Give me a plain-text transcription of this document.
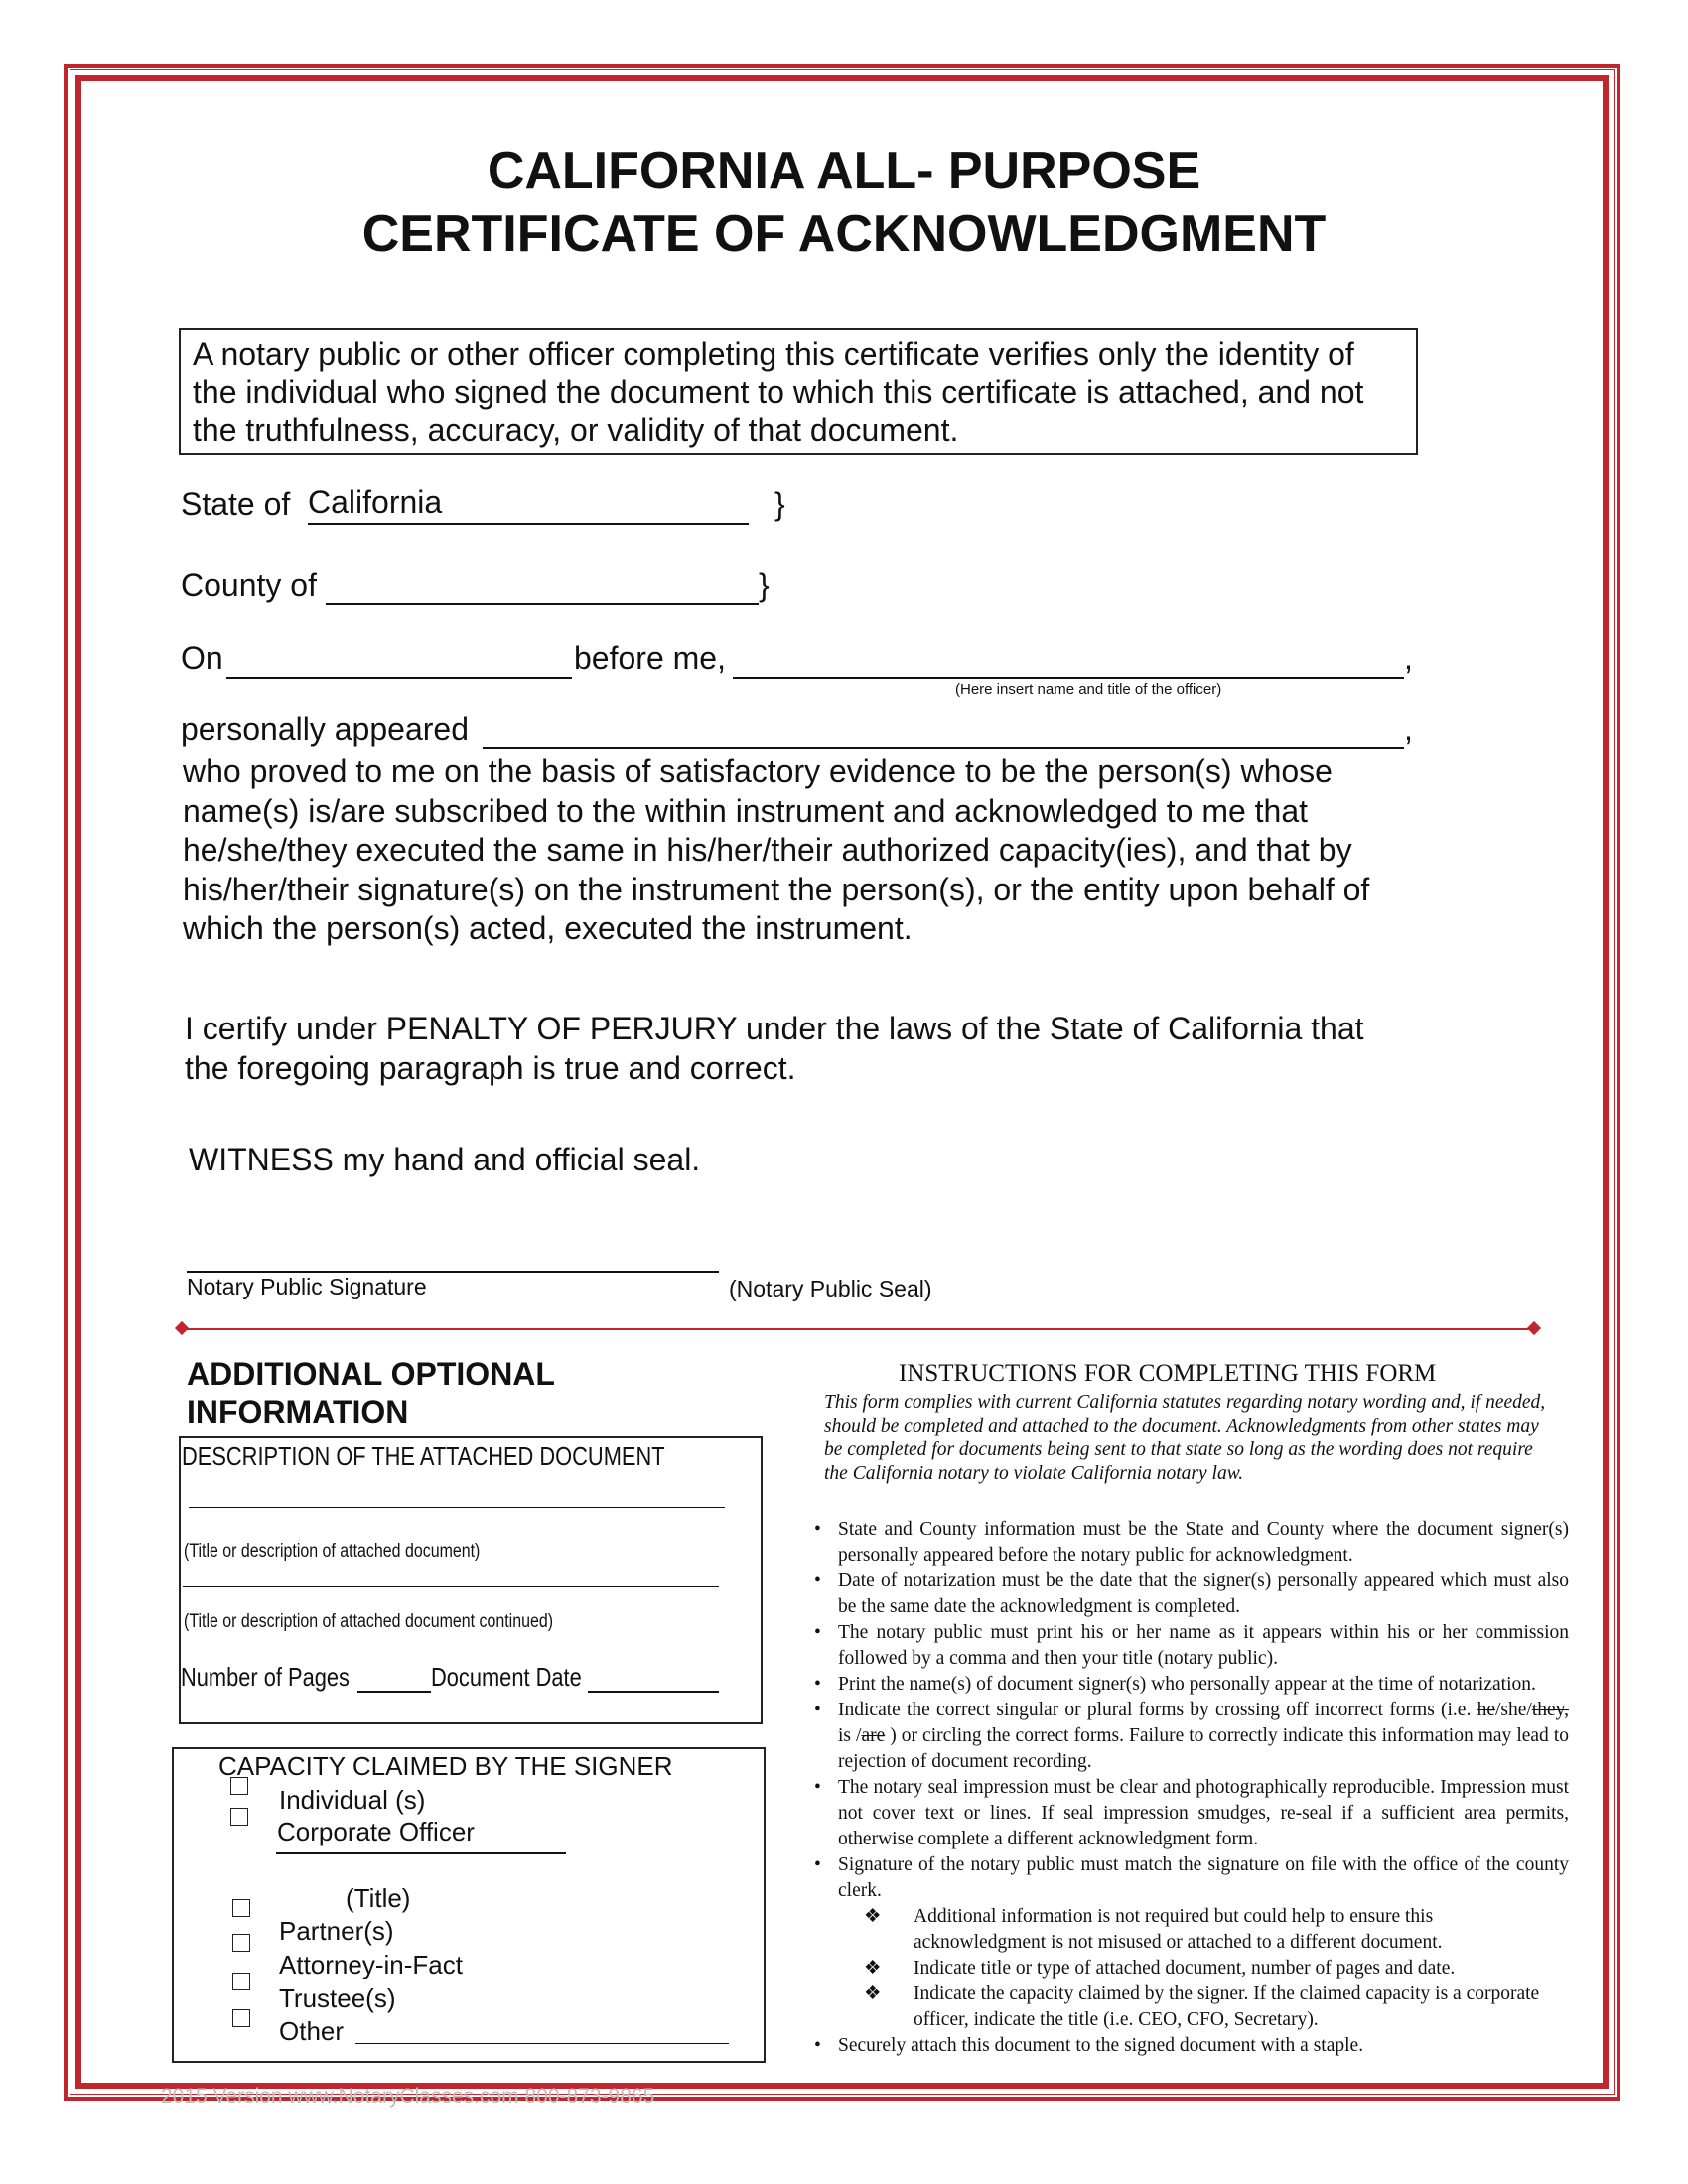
CALIFORNIA ALL- PURPOSE
CERTIFICATE OF ACKNOWLEDGMENT
A notary public or other officer completing this certificate verifies only the identity of the individual who signed the document to which this certificate is attached, and not the truthfulness, accuracy, or validity of that document.
State of California	}
County of	}
On	before me,	,
(Here insert name and title of the officer)
personally appeared	,
who proved to me on the basis of satisfactory evidence to be the person(s) whose name(s) is/are subscribed to the within instrument and acknowledged to me that he/she/they executed the same in his/her/their authorized capacity(ies), and that by his/her/their signature(s) on the instrument the person(s), or the entity upon behalf of which the person(s) acted, executed the instrument.
I certify under PENALTY OF PERJURY under the laws of the State of California that
the foregoing paragraph is true and correct.
WITNESS my hand and official seal.
Notary Public Signature	(Notary Public Seal)
ADDITIONAL OPTIONAL
INFORMATION
DESCRIPTION OF THE ATTACHED DOCUMENT
(Title or description of attached document)
(Title or description of attached document continued)
Number of Pages	Document Date
CAPACITY CLAIMED BY THE SIGNER
Individual (s)
Corporate Officer
(Title)
Partner(s)
Attorney-in-Fact
Trustee(s)
Other
INSTRUCTIONS FOR COMPLETING THIS FORM
This form complies with current California statutes regarding notary wording and, if needed, should be completed and attached to the document. Acknowledgments from other states may be completed for documents being sent to that state so long as the wording does not require the California notary to violate California notary law.
• State and County information must be the State and County where the document signer(s) personally appeared before the notary public for acknowledgment.
• Date of notarization must be the date that the signer(s) personally appeared which must also be the same date the acknowledgment is completed.
• The notary public must print his or her name as it appears within his or her commission followed by a comma and then your title (notary public).
• Print the name(s) of document signer(s) who personally appear at the time of notarization.
• Indicate the correct singular or plural forms by crossing off incorrect forms (i.e. he/she/they, is /are ) or circling the correct forms. Failure to correctly indicate this information may lead to rejection of document recording.
• The notary seal impression must be clear and photographically reproducible. Impression must not cover text or lines. If seal impression smudges, re-seal if a sufficient area permits, otherwise complete a different acknowledgment form.
• Signature of the notary public must match the signature on file with the office of the county clerk.
❖ Additional information is not required but could help to ensure this acknowledgment is not misused or attached to a different document.
❖ Indicate title or type of attached document, number of pages and date.
❖ Indicate the capacity claimed by the signer. If the claimed capacity is a corporate officer, indicate the title (i.e. CEO, CFO, Secretary).
• Securely attach this document to the signed document with a staple.
2015 Version www.NotaryClasses.com 800-873-9865
